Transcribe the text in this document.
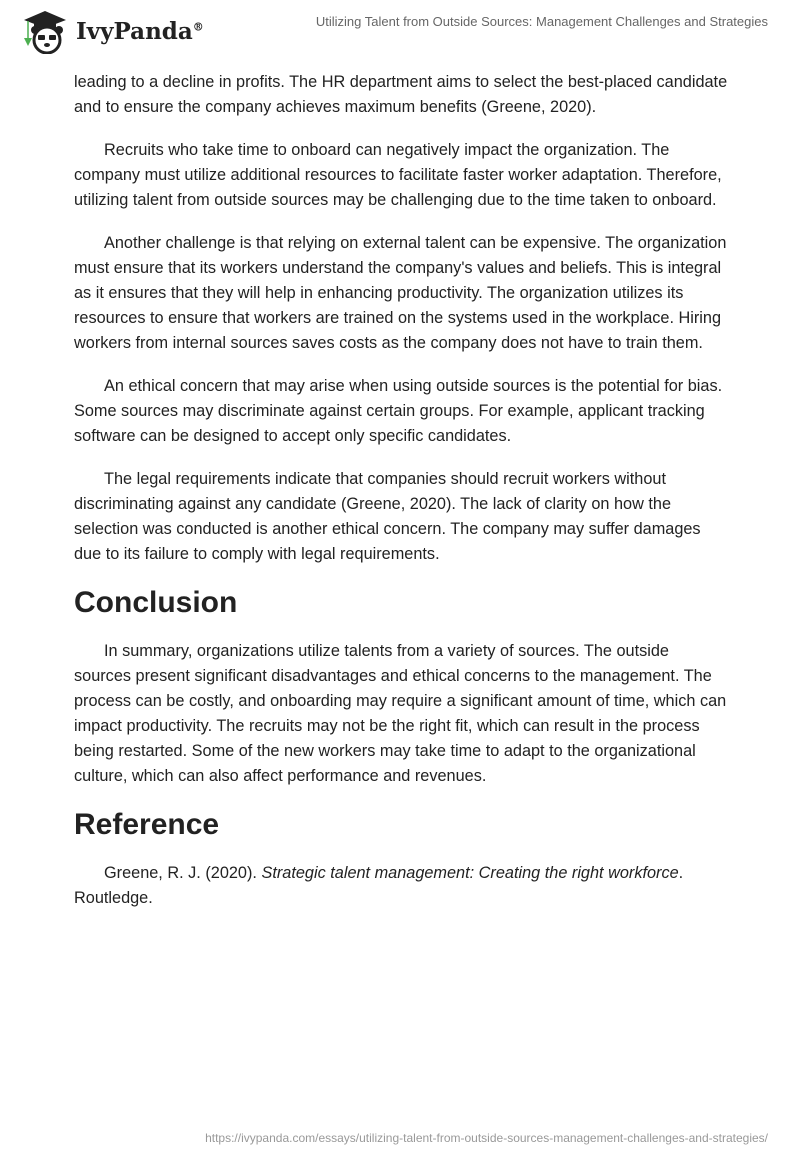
IvyPanda®	Utilizing Talent from Outside Sources: Management Challenges and Strategies

leading to a decline in profits. The HR department aims to select the best-placed candidate and to ensure the company achieves maximum benefits (Greene, 2020).

Recruits who take time to onboard can negatively impact the organization. The company must utilize additional resources to facilitate faster worker adaptation. Therefore, utilizing talent from outside sources may be challenging due to the time taken to onboard.

Another challenge is that relying on external talent can be expensive. The organization must ensure that its workers understand the company's values and beliefs. This is integral as it ensures that they will help in enhancing productivity. The organization utilizes its resources to ensure that workers are trained on the systems used in the workplace. Hiring workers from internal sources saves costs as the company does not have to train them.

An ethical concern that may arise when using outside sources is the potential for bias. Some sources may discriminate against certain groups. For example, applicant tracking software can be designed to accept only specific candidates.

The legal requirements indicate that companies should recruit workers without discriminating against any candidate (Greene, 2020). The lack of clarity on how the selection was conducted is another ethical concern. The company may suffer damages due to its failure to comply with legal requirements.

Conclusion

In summary, organizations utilize talents from a variety of sources. The outside sources present significant disadvantages and ethical concerns to the management. The process can be costly, and onboarding may require a significant amount of time, which can impact productivity. The recruits may not be the right fit, which can result in the process being restarted. Some of the new workers may take time to adapt to the organizational culture, which can also affect performance and revenues.

Reference

Greene, R. J. (2020). Strategic talent management: Creating the right workforce. Routledge.

https://ivypanda.com/essays/utilizing-talent-from-outside-sources-management-challenges-and-strategies/
